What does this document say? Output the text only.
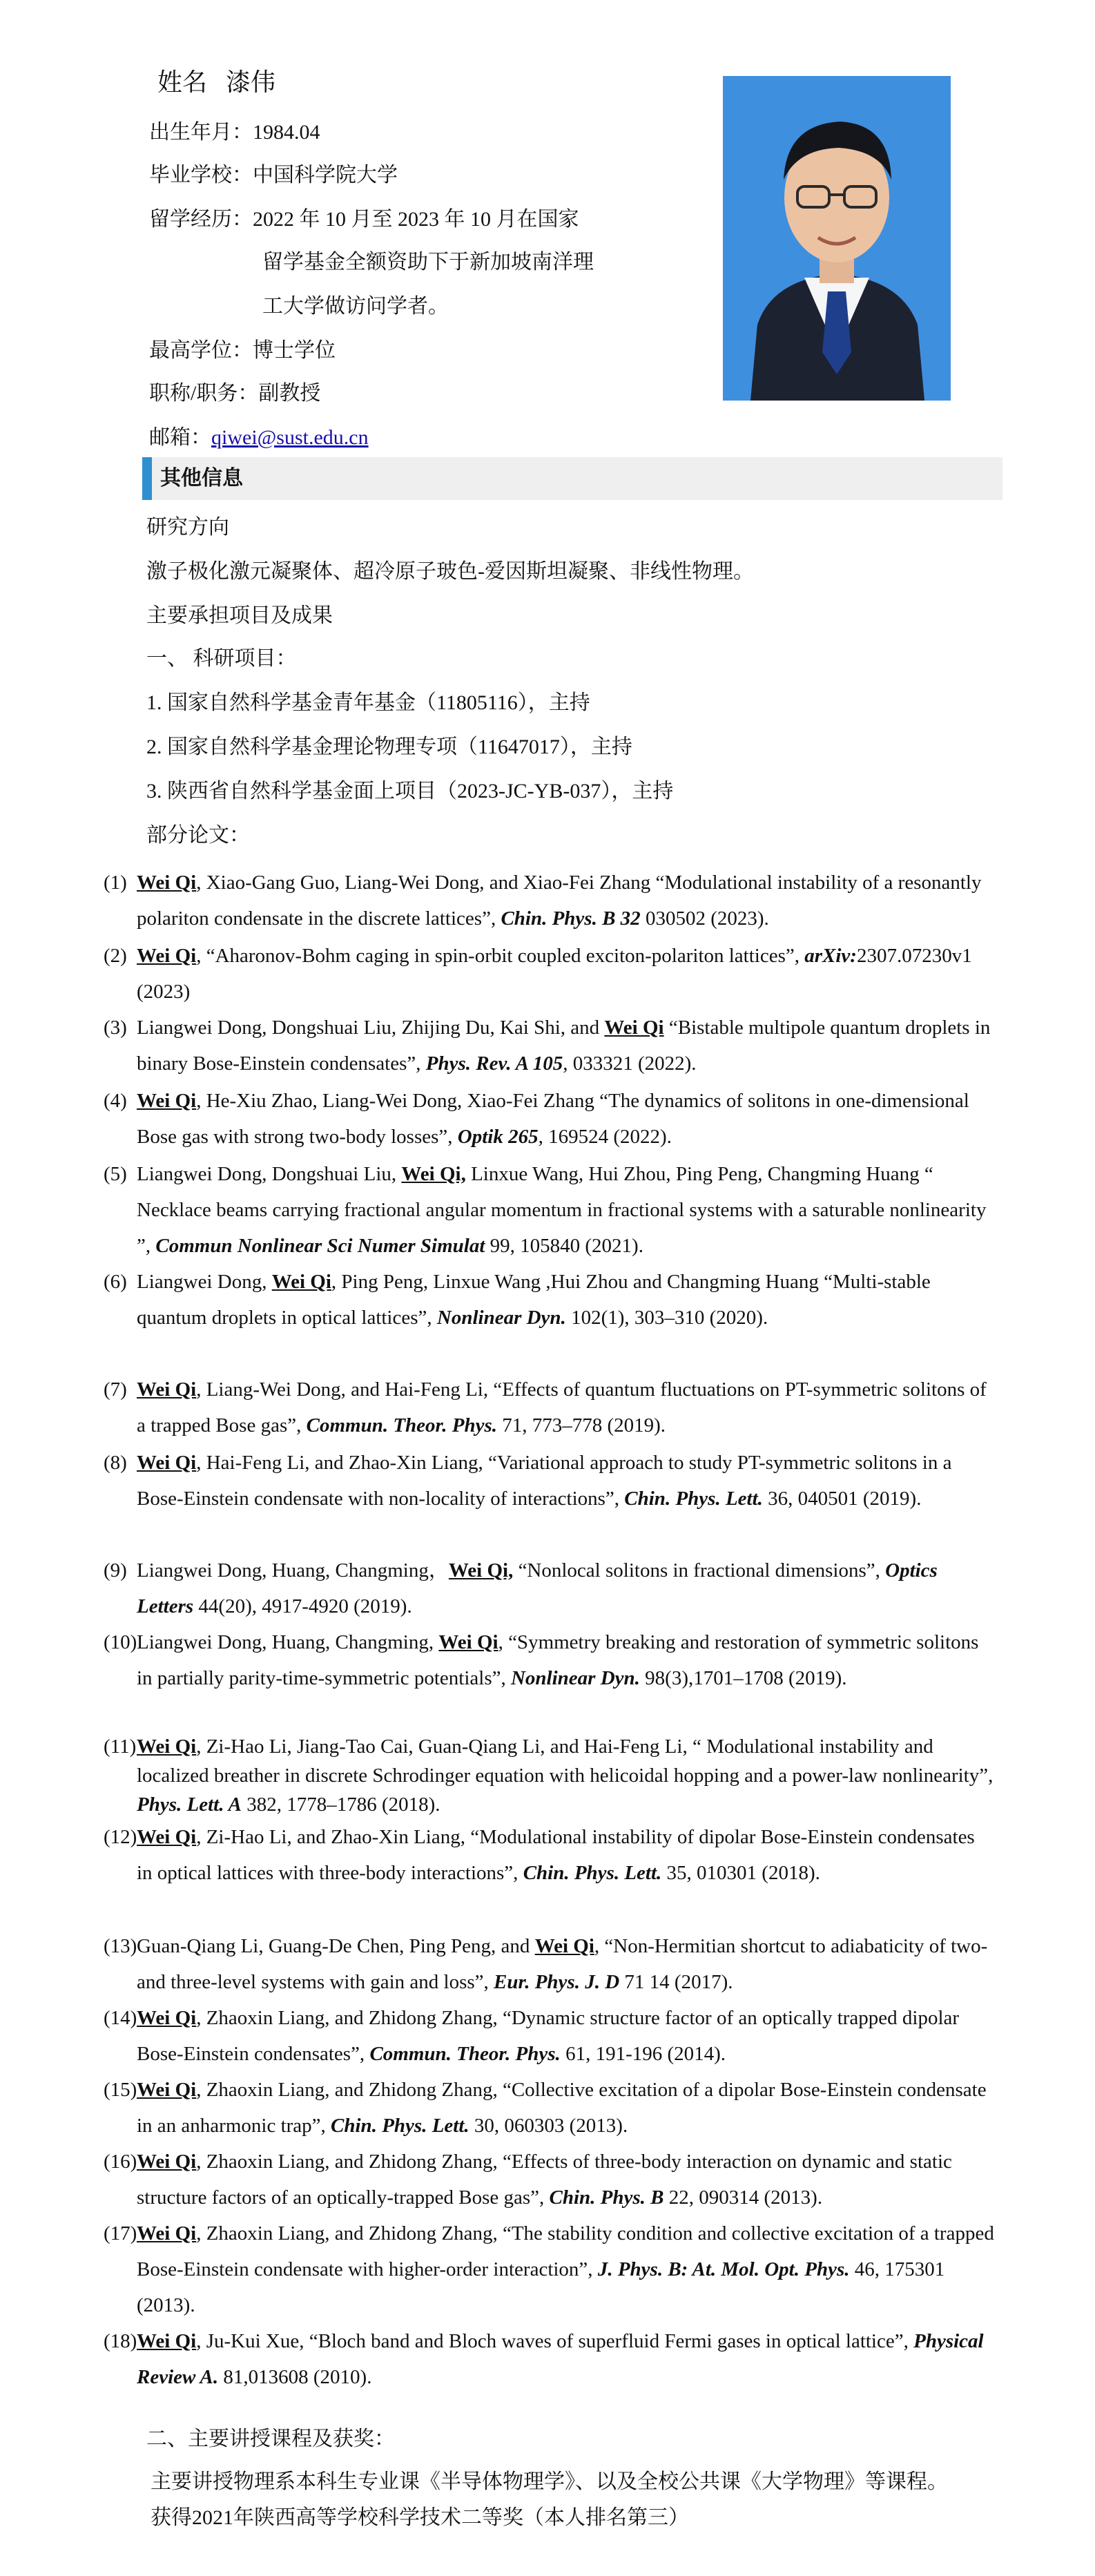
姓名 漆伟
出生年月：1984.04
毕业学校：中国科学院大学
留学经历：2022 年 10 月至 2023 年 10 月在国家
留学基金全额资助下于新加坡南洋理
工大学做访问学者。
最高学位：博士学位
职称/职务：副教授
邮箱：qiwei@sust.edu.cn
其他信息
研究方向
激子极化激元凝聚体、超冷原子玻色-爱因斯坦凝聚、非线性物理。
主要承担项目及成果
一、 科研项目：
1. 国家自然科学基金青年基金（11805116），主持
2. 国家自然科学基金理论物理专项（11647017），主持
3. 陕西省自然科学基金面上项目（2023-JC-YB-037），主持
部分论文：
(1) Wei Qi, Xiao-Gang Guo, Liang-Wei Dong, and Xiao-Fei Zhang “Modulational instability of a resonantly polariton condensate in the discrete lattices”, Chin. Phys. B 32 030502 (2023).
(2) Wei Qi, “Aharonov-Bohm caging in spin-orbit coupled exciton-polariton lattices”, arXiv:2307.07230v1 (2023)
(3) Liangwei Dong, Dongshuai Liu, Zhijing Du, Kai Shi, and Wei Qi “Bistable multipole quantum droplets in binary Bose-Einstein condensates”, Phys. Rev. A 105, 033321 (2022).
(4) Wei Qi, He-Xiu Zhao, Liang-Wei Dong, Xiao-Fei Zhang “The dynamics of solitons in one-dimensional Bose gas with strong two-body losses”, Optik 265, 169524 (2022).
(5) Liangwei Dong, Dongshuai Liu, Wei Qi, Linxue Wang, Hui Zhou, Ping Peng, Changming Huang “ Necklace beams carrying fractional angular momentum in fractional systems with a saturable nonlinearity ”, Commun Nonlinear Sci Numer Simulat 99, 105840 (2021).
(6) Liangwei Dong, Wei Qi, Ping Peng, Linxue Wang ,Hui Zhou and Changming Huang “Multi-stable quantum droplets in optical lattices”, Nonlinear Dyn. 102(1), 303–310 (2020).
(7) Wei Qi, Liang-Wei Dong, and Hai-Feng Li, “Effects of quantum fluctuations on PT-symmetric solitons of a trapped Bose gas”, Commun. Theor. Phys. 71, 773–778 (2019).
(8) Wei Qi, Hai-Feng Li, and Zhao-Xin Liang, “Variational approach to study PT-symmetric solitons in a Bose-Einstein condensate with non-locality of interactions”, Chin. Phys. Lett. 36, 040501 (2019).
(9) Liangwei Dong, Huang, Changming，Wei Qi, “Nonlocal solitons in fractional dimensions”, Optics Letters 44(20), 4917-4920 (2019).
(10) Liangwei Dong, Huang, Changming, Wei Qi, “Symmetry breaking and restoration of symmetric solitons in partially parity-time-symmetric potentials”, Nonlinear Dyn. 98(3),1701–1708 (2019).
(11) Wei Qi, Zi-Hao Li, Jiang-Tao Cai, Guan-Qiang Li, and Hai-Feng Li, “ Modulational instability and localized breather in discrete Schrodinger equation with helicoidal hopping and a power-law nonlinearity”, Phys. Lett. A 382, 1778–1786 (2018).
(12) Wei Qi, Zi-Hao Li, and Zhao-Xin Liang, “Modulational instability of dipolar Bose-Einstein condensates in optical lattices with three-body interactions”, Chin. Phys. Lett. 35, 010301 (2018).
(13) Guan-Qiang Li, Guang-De Chen, Ping Peng, and Wei Qi, “Non-Hermitian shortcut to adiabaticity of two- and three-level systems with gain and loss”, Eur. Phys. J. D 71 14 (2017).
(14) Wei Qi, Zhaoxin Liang, and Zhidong Zhang, “Dynamic structure factor of an optically trapped dipolar Bose-Einstein condensates”, Commun. Theor. Phys. 61, 191-196 (2014).
(15) Wei Qi, Zhaoxin Liang, and Zhidong Zhang, “Collective excitation of a dipolar Bose-Einstein condensate in an anharmonic trap”, Chin. Phys. Lett. 30, 060303 (2013).
(16) Wei Qi, Zhaoxin Liang, and Zhidong Zhang, “Effects of three-body interaction on dynamic and static structure factors of an optically-trapped Bose gas”, Chin. Phys. B 22, 090314 (2013).
(17) Wei Qi, Zhaoxin Liang, and Zhidong Zhang, “The stability condition and collective excitation of a trapped Bose-Einstein condensate with higher-order interaction”, J. Phys. B: At. Mol. Opt. Phys. 46, 175301 (2013).
(18) Wei Qi, Ju-Kui Xue, “Bloch band and Bloch waves of superfluid Fermi gases in optical lattice”, Physical Review A. 81,013608 (2010).
二、主要讲授课程及获奖：
主要讲授物理系本科生专业课《半导体物理学》、以及全校公共课《大学物理》等课程。
获得2021年陕西高等学校科学技术二等奖（本人排名第三）
